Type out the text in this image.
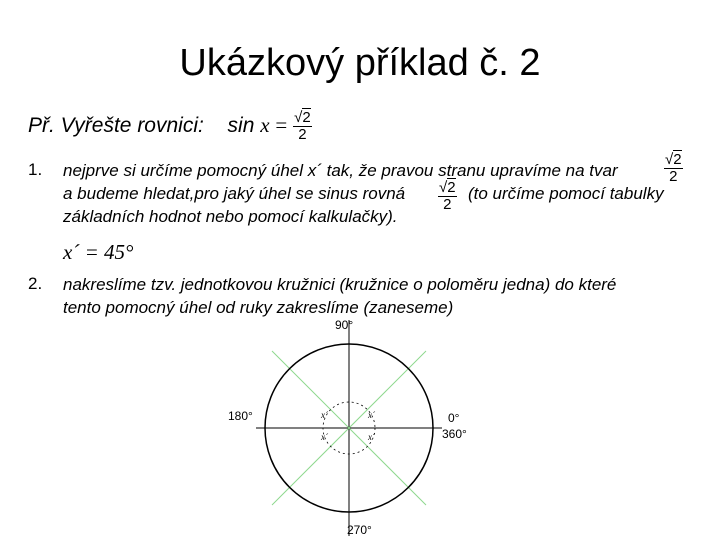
Ukázkový příklad č. 2
Př. Vyřešte rovnici: $\sin x = \frac{√2}{2}$
1. nejprve si určíme pomocný úhel x´ tak, že pravou stranu upravíme na tvar	$\frac{√2}{2}$
a budeme hledat,pro jaký úhel se sinus rovná $\frac{√2}{2} (to$ určíme pomocí tabulky
základních hodnot nebo pomocí kalkulačky).
x´ = 45°
2. nakreslíme tzv. jednotkovou kružnici (kružnice o poloměru jedna) do které
tento pomocný úhel od ruky zakreslíme (zaneseme)
x´
x´
x´	x´
90°
180°	0°
360°
270°
